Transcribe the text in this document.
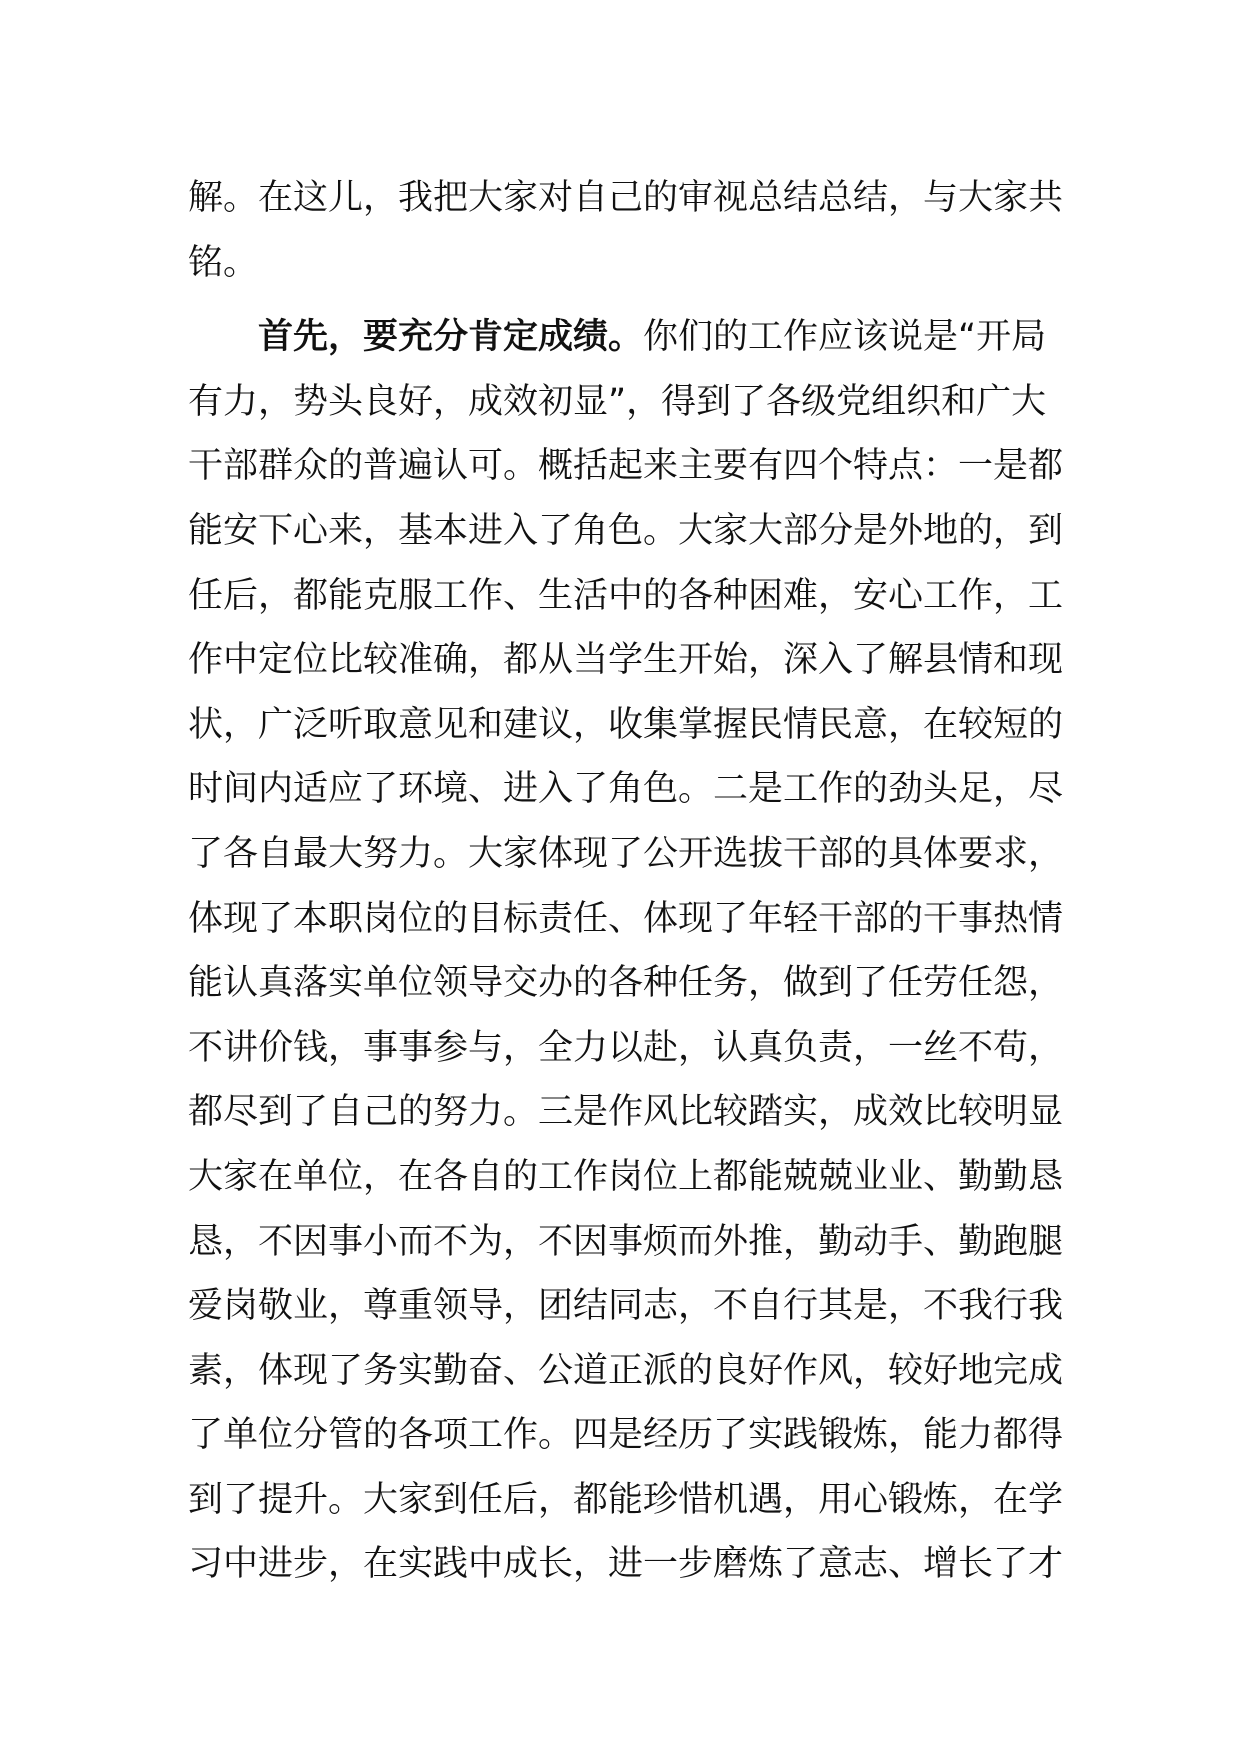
解。在这儿，我把大家对自己的审视总结总结，与大家共
铭。
首先，要充分肯定成绩。你们的工作应该说是“开局
有力，势头良好，成效初显”，得到了各级党组织和广大
干部群众的普遍认可。概括起来主要有四个特点：一是都
能安下心来，基本进入了角色。大家大部分是外地的，到
任后，都能克服工作、生活中的各种困难，安心工作，工
作中定位比较准确，都从当学生开始，深入了解县情和现
状，广泛听取意见和建议，收集掌握民情民意，在较短的
时间内适应了环境、进入了角色。二是工作的劲头足，尽
了各自最大努力。大家体现了公开选拔干部的具体要求，
体现了本职岗位的目标责任、体现了年轻干部的干事热情
能认真落实单位领导交办的各种任务，做到了任劳任怨，
不讲价钱，事事参与，全力以赴，认真负责，一丝不苟，
都尽到了自己的努力。三是作风比较踏实，成效比较明显
大家在单位，在各自的工作岗位上都能兢兢业业、勤勤恳
恳，不因事小而不为，不因事烦而外推，勤动手、勤跑腿
爱岗敬业，尊重领导，团结同志，不自行其是，不我行我
素，体现了务实勤奋、公道正派的良好作风，较好地完成
了单位分管的各项工作。四是经历了实践锻炼，能力都得
到了提升。大家到任后，都能珍惜机遇，用心锻炼，在学
习中进步，在实践中成长，进一步磨炼了意志、增长了才
